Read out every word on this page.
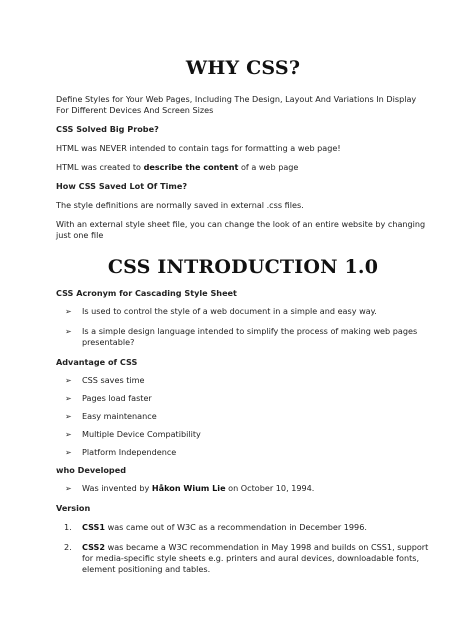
WHY CSS?

Define Styles for Your Web Pages, Including The Design, Layout And Variations In Display For Different Devices And Screen Sizes

CSS Solved Big Probe?

HTML was NEVER intended to contain tags for formatting a web page!

HTML was created to describe the content of a web page

How CSS Saved Lot Of Time?

The style definitions are normally saved in external .css files.

With an external style sheet file, you can change the look of an entire website by changing just one file

CSS INTRODUCTION 1.0

CSS Acronym for Cascading Style Sheet

➢ Is used to control the style of a web document in a simple and easy way.
➢ Is a simple design language intended to simplify the process of making web pages presentable?

Advantage of CSS

➢ CSS saves time
➢ Pages load faster
➢ Easy maintenance
➢ Multiple Device Compatibility
➢ Platform Independence

who Developed

➢ Was invented by Håkon Wium Lie on October 10, 1994.

Version

1. CSS1 was came out of W3C as a recommendation in December 1996.
2. CSS2 was became a W3C recommendation in May 1998 and builds on CSS1, support for media-specific style sheets e.g. printers and aural devices, downloadable fonts, element positioning and tables.
